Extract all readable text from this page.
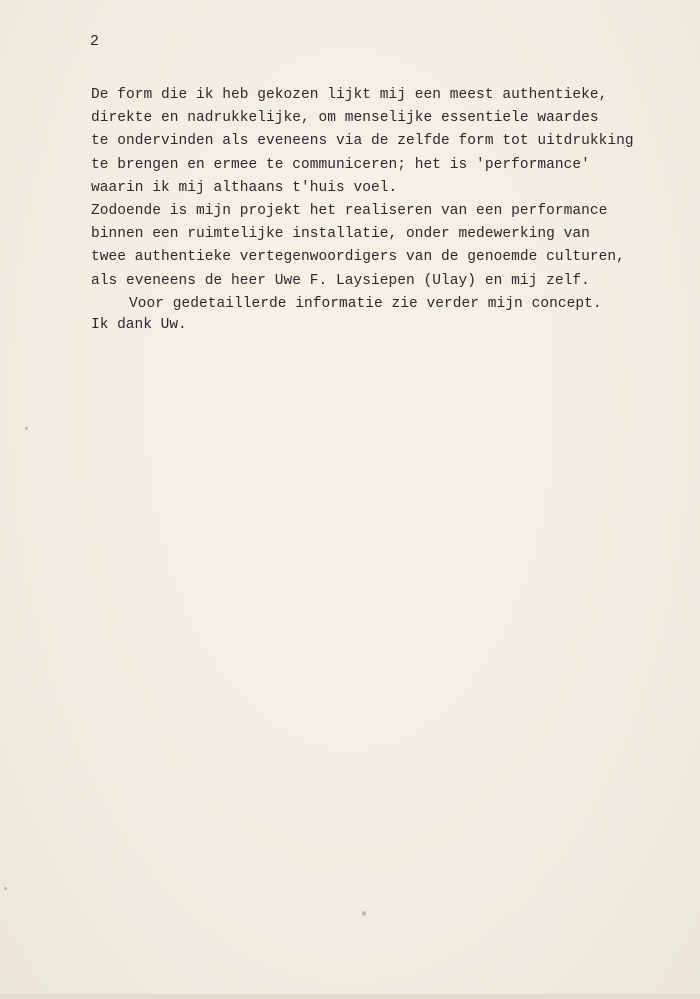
2
De form die ik heb gekozen lijkt mij een meest authentieke,
direkte en nadrukkelijke, om menselijke essentiele waardes
te ondervinden als eveneens via de zelfde form tot uitdrukking
te brengen en ermee te communiceren; het is 'performance'
waarin ik mij althaans t'huis voel.
Zodoende is mijn projekt het realiseren van een performance
binnen een ruimtelijke installatie, onder medewerking van
twee authentieke vertegenwoordigers van de genoemde culturen,
als eveneens de heer Uwe F. Laysiepen (Ulay) en mij zelf.
Voor gedetaillerde informatie zie verder mijn concept.
Ik dank Uw.
